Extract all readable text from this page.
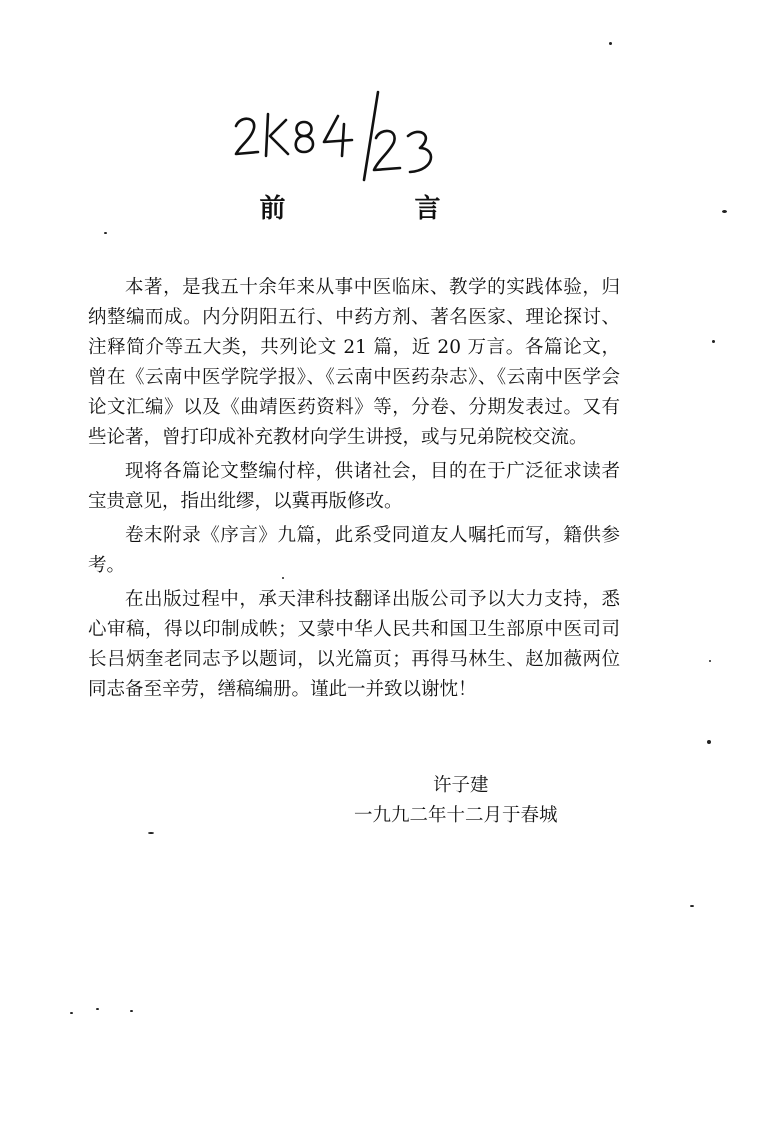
前 言

本著，是我五十余年来从事中医临床、教学的实践体验，归纳整编而成。内分阴阳五行、中药方剂、著名医家、理论探讨、注释简介等五大类，共列论文 21 篇，近 20 万言。各篇论文，曾在《云南中医学院学报》、《云南中医药杂志》、《云南中医学会论文汇编》以及《曲靖医药资料》等，分卷、分期发表过。又有些论著，曾打印成补充教材向学生讲授，或与兄弟院校交流。

现将各篇论文整编付梓，供诸社会，目的在于广泛征求读者宝贵意见，指出纰缪，以冀再版修改。

卷末附录《序言》九篇，此系受同道友人嘱托而写，籍供参考。

在出版过程中，承天津科技翻译出版公司予以大力支持，悉心审稿，得以印制成帙；又蒙中华人民共和国卫生部原中医司司长吕炳奎老同志予以题词，以光篇页；再得马林生、赵加薇两位同志备至辛劳，缮稿编册。谨此一并致以谢忱！

许子建
一九九二年十二月于春城
